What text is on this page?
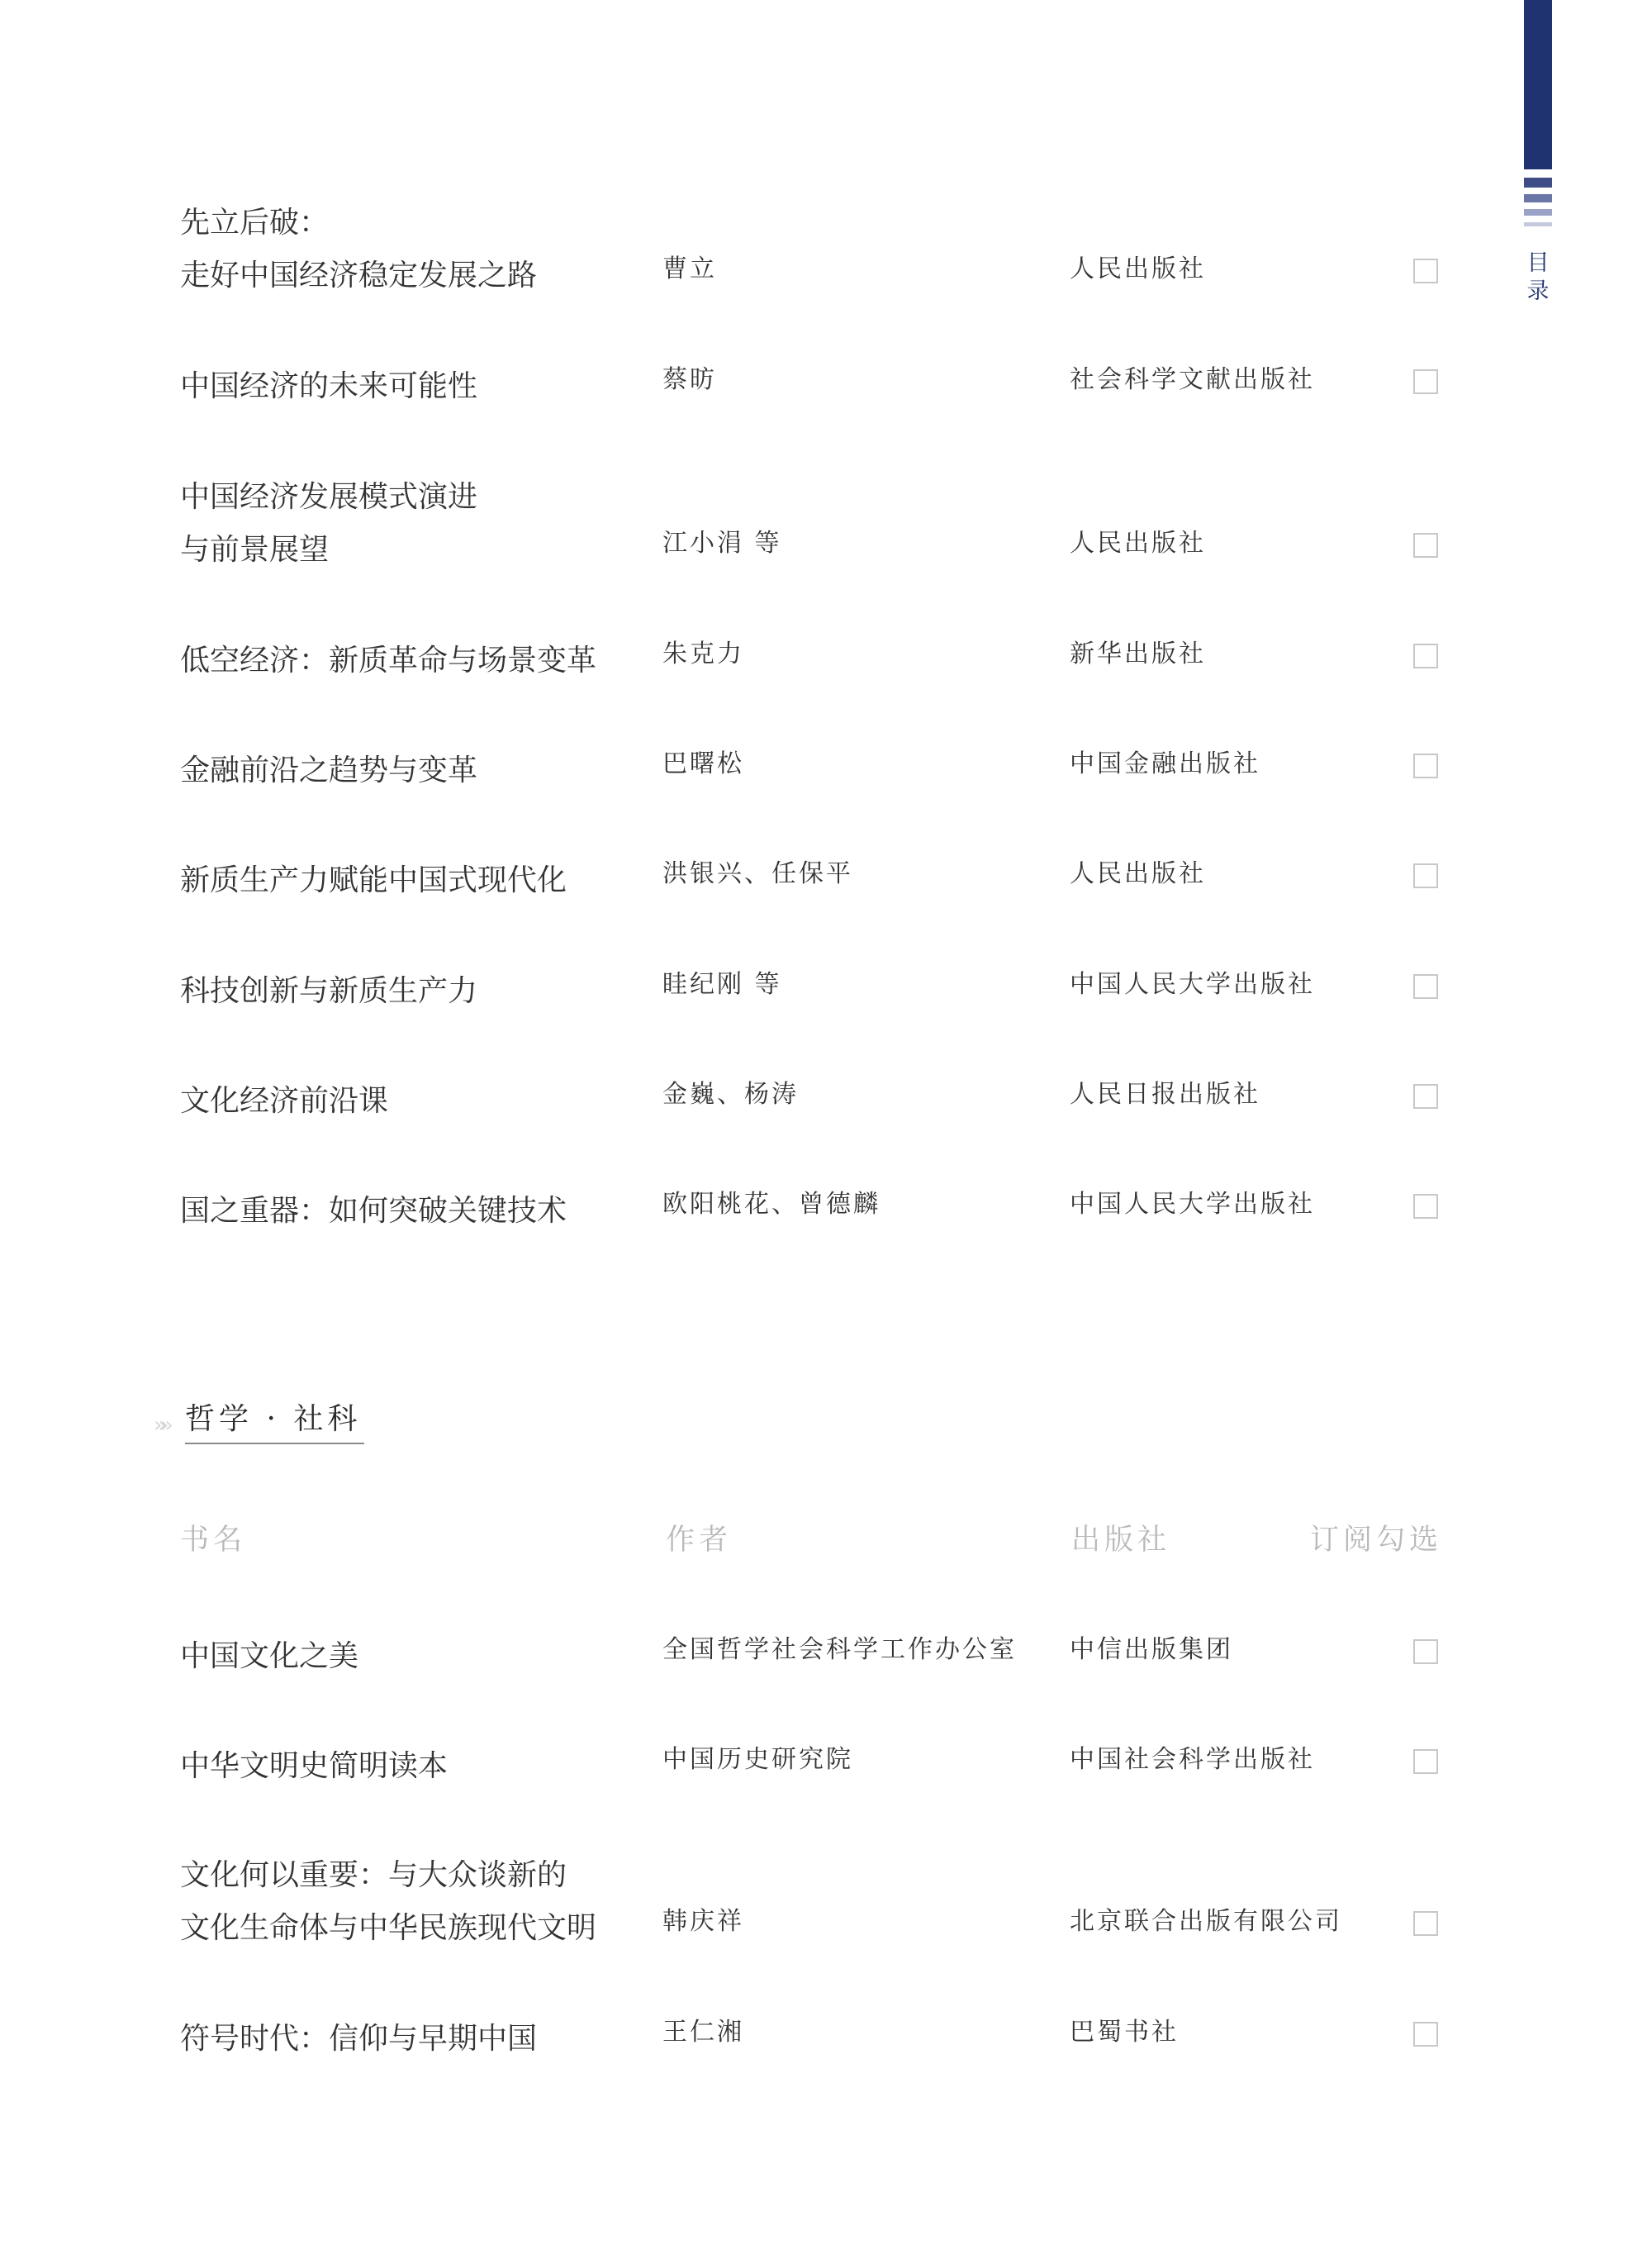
目录
先立后破：
走好中国经济稳定发展之路	曹立	人民出版社
中国经济的未来可能性	蔡昉	社会科学文献出版社
中国经济发展模式演进
与前景展望	江小涓 等	人民出版社
低空经济：新质革命与场景变革	朱克力	新华出版社
金融前沿之趋势与变革	巴曙松	中国金融出版社
新质生产力赋能中国式现代化	洪银兴、任保平	人民出版社
科技创新与新质生产力	眭纪刚 等	中国人民大学出版社
文化经济前沿课	金巍、杨涛	人民日报出版社
国之重器：如何突破关键技术	欧阳桃花、曾德麟	中国人民大学出版社
»» 哲学 · 社科
书名	作者	出版社	订阅勾选
中国文化之美	全国哲学社会科学工作办公室	中信出版集团
中华文明史简明读本	中国历史研究院	中国社会科学出版社
文化何以重要：与大众谈新的
文化生命体与中华民族现代文明	韩庆祥	北京联合出版有限公司
符号时代：信仰与早期中国	王仁湘	巴蜀书社
